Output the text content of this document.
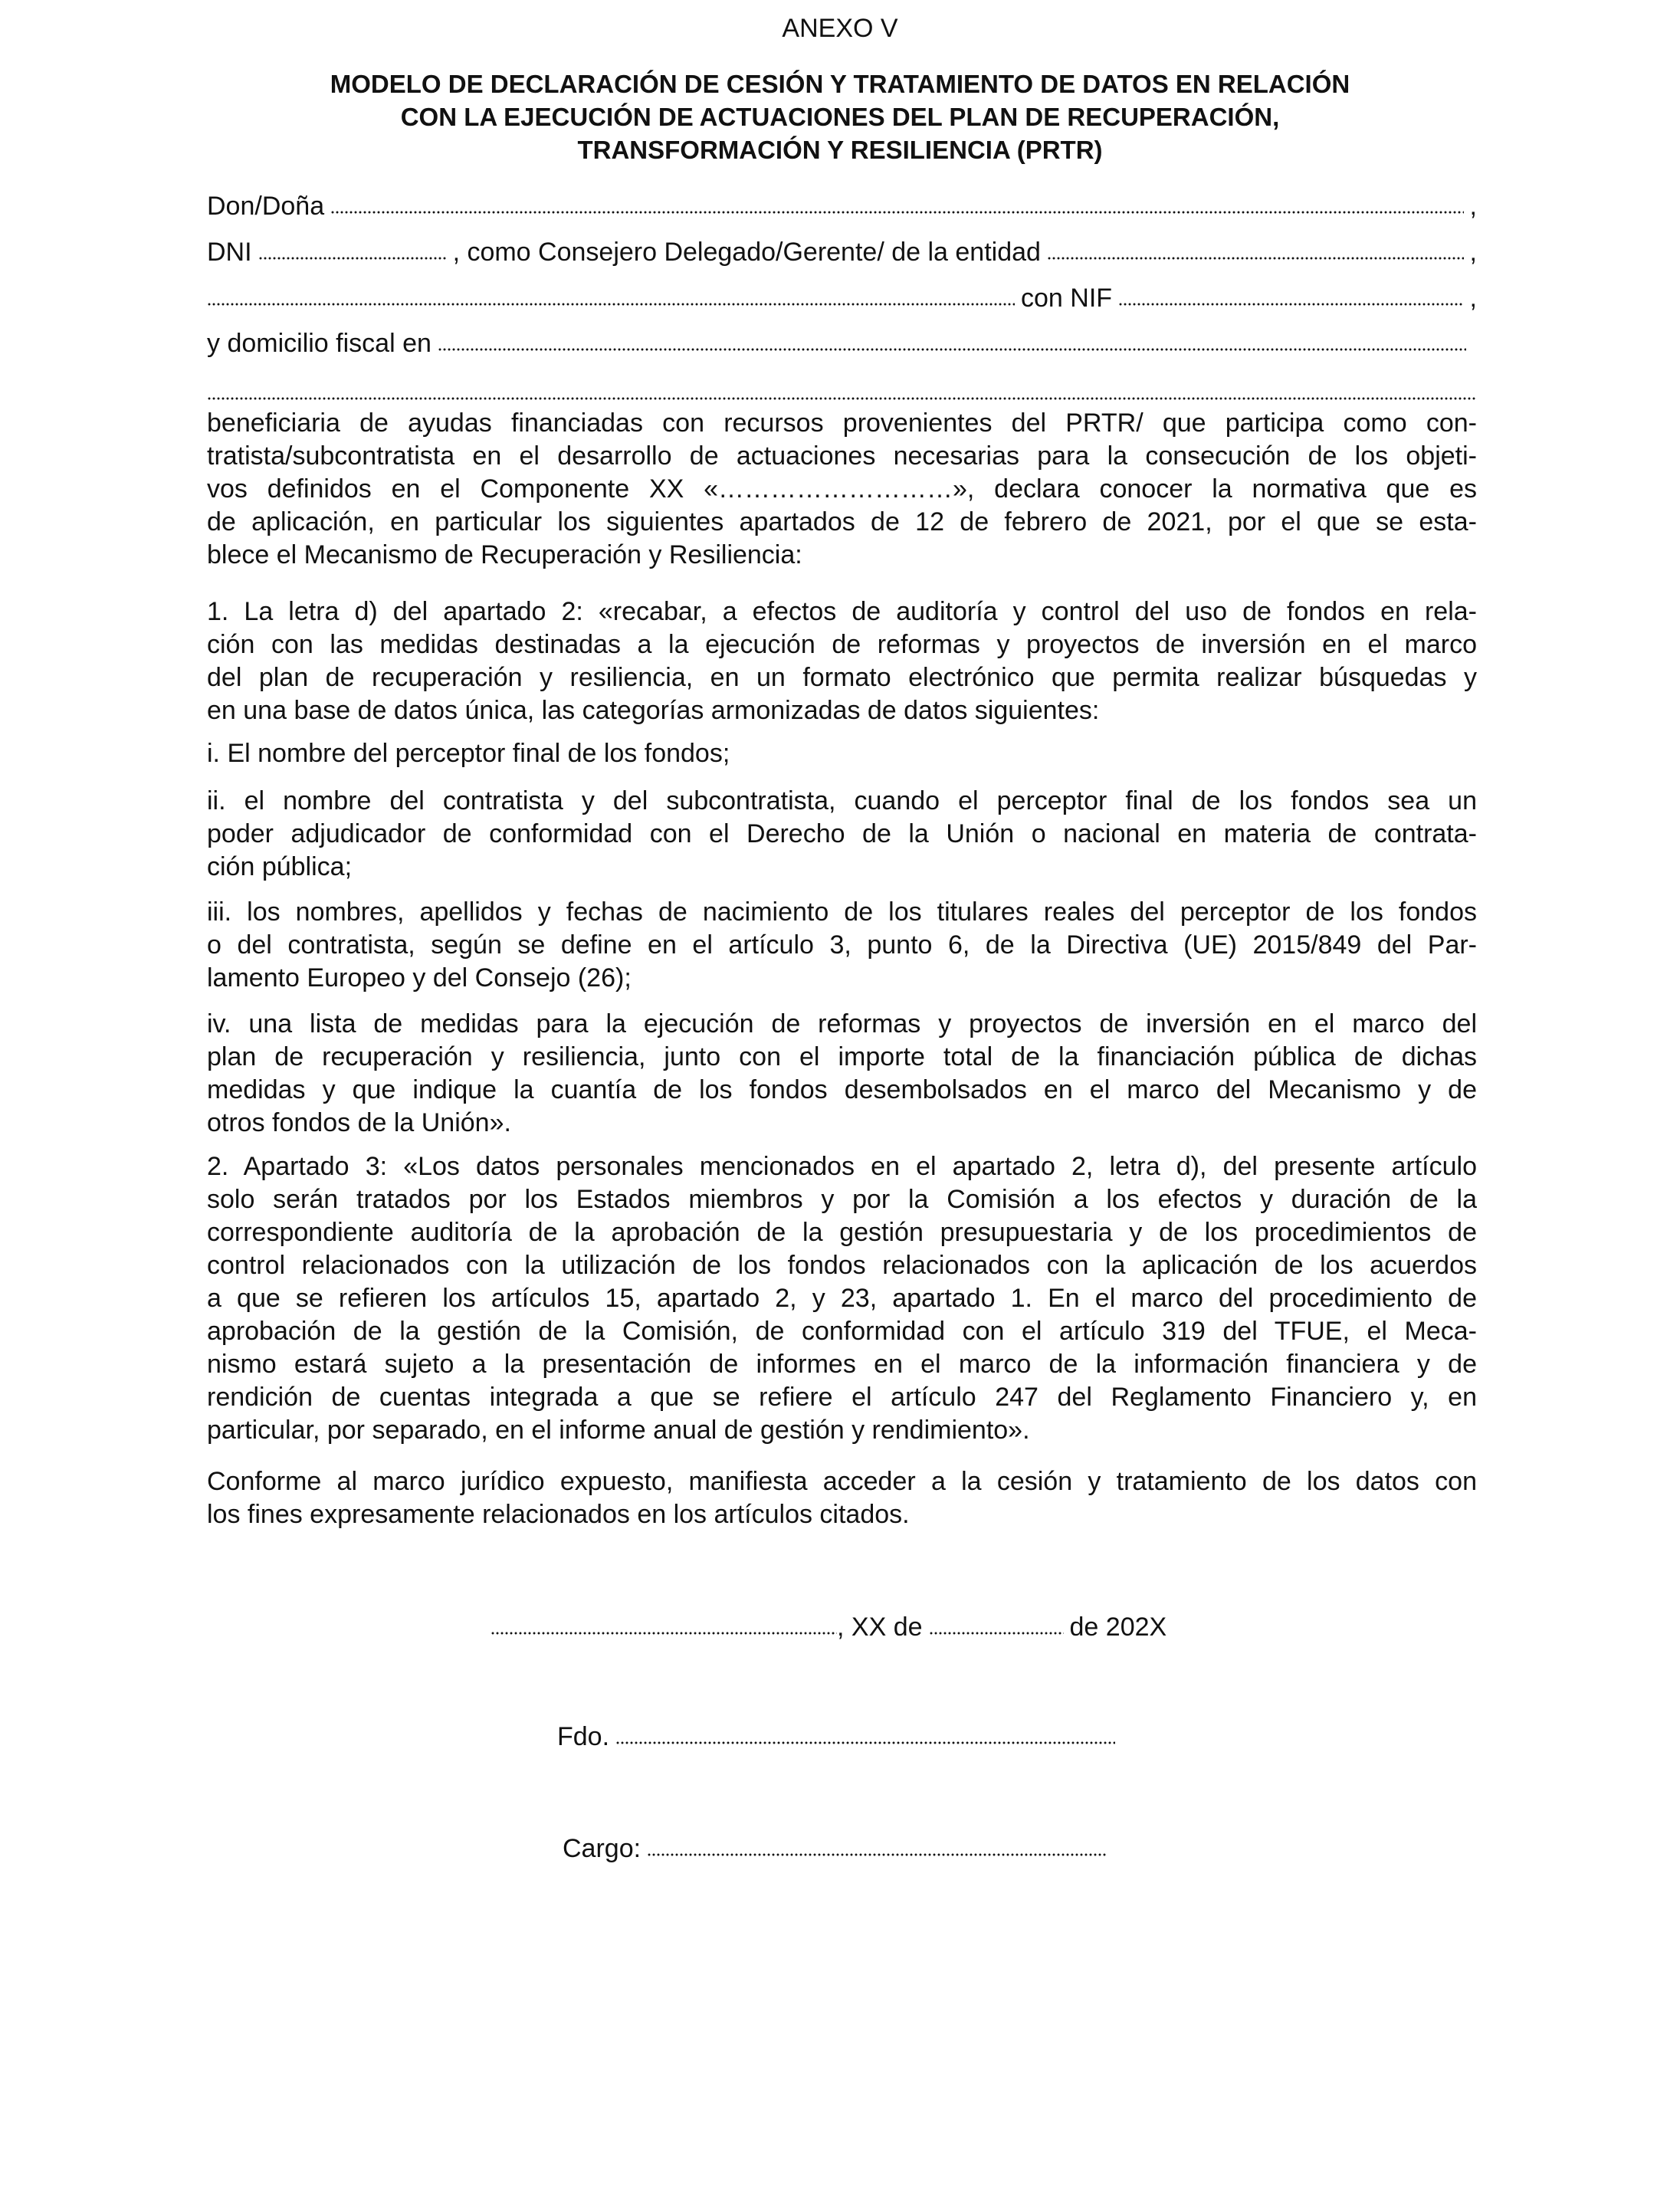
ANEXO V
MODELO DE DECLARACIÓN DE CESIÓN Y TRATAMIENTO DE DATOS EN RELACIÓN
CON LA EJECUCIÓN DE ACTUACIONES DEL PLAN DE RECUPERACIÓN,
TRANSFORMACIÓN Y RESILIENCIA (PRTR)
Don/Doña	,
DNI	, como Consejero Delegado/Gerente/ de la entidad	,
con NIF	,
y domicilio fiscal en
beneficiaria de ayudas financiadas con recursos provenientes del PRTR/ que participa como con-
tratista/subcontratista en el desarrollo de actuaciones necesarias para la consecución de los objeti-
vos definidos en el Componente XX «………………………», declara conocer la normativa que es
de aplicación, en particular los siguientes apartados de 12 de febrero de 2021, por el que se esta-
blece el Mecanismo de Recuperación y Resiliencia:
1. La letra d) del apartado 2: «recabar, a efectos de auditoría y control del uso de fondos en rela-
ción con las medidas destinadas a la ejecución de reformas y proyectos de inversión en el marco
del plan de recuperación y resiliencia, en un formato electrónico que permita realizar búsquedas y
en una base de datos única, las categorías armonizadas de datos siguientes:
i. El nombre del perceptor final de los fondos;
ii. el nombre del contratista y del subcontratista, cuando el perceptor final de los fondos sea un
poder adjudicador de conformidad con el Derecho de la Unión o nacional en materia de contrata-
ción pública;
iii. los nombres, apellidos y fechas de nacimiento de los titulares reales del perceptor de los fondos
o del contratista, según se define en el artículo 3, punto 6, de la Directiva (UE) 2015/849 del Par-
lamento Europeo y del Consejo (26);
iv. una lista de medidas para la ejecución de reformas y proyectos de inversión en el marco del
plan de recuperación y resiliencia, junto con el importe total de la financiación pública de dichas
medidas y que indique la cuantía de los fondos desembolsados en el marco del Mecanismo y de
otros fondos de la Unión».
2. Apartado 3: «Los datos personales mencionados en el apartado 2, letra d), del presente artículo
solo serán tratados por los Estados miembros y por la Comisión a los efectos y duración de la
correspondiente auditoría de la aprobación de la gestión presupuestaria y de los procedimientos de
control relacionados con la utilización de los fondos relacionados con la aplicación de los acuerdos
a que se refieren los artículos 15, apartado 2, y 23, apartado 1. En el marco del procedimiento de
aprobación de la gestión de la Comisión, de conformidad con el artículo 319 del TFUE, el Meca-
nismo estará sujeto a la presentación de informes en el marco de la información financiera y de
rendición de cuentas integrada a que se refiere el artículo 247 del Reglamento Financiero y, en
particular, por separado, en el informe anual de gestión y rendimiento».
Conforme al marco jurídico expuesto, manifiesta acceder a la cesión y tratamiento de los datos con
los fines expresamente relacionados en los artículos citados.
, XX de	de 202X
Fdo.
Cargo:
